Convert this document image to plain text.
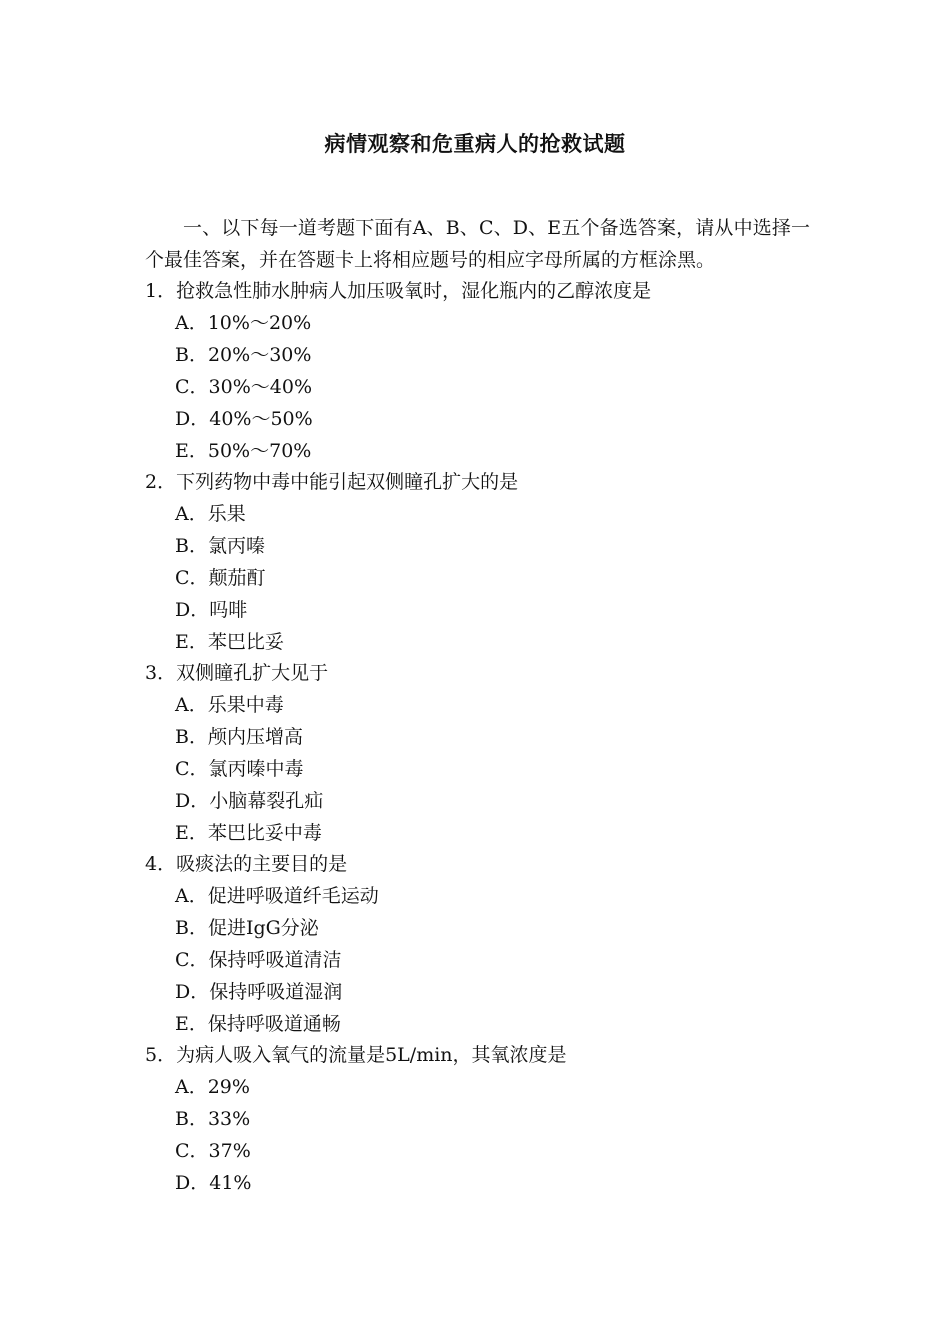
病情观察和危重病人的抢救试题

一、以下每一道考题下面有A、B、C、D、E五个备选答案，请从中选择一个最佳答案，并在答题卡上将相应题号的相应字母所属的方框涂黑。

1．抢救急性肺水肿病人加压吸氧时，湿化瓶内的乙醇浓度是
A．10%～20%
B．20%～30%
C．30%～40%
D．40%～50%
E．50%～70%
2．下列药物中毒中能引起双侧瞳孔扩大的是
A．乐果
B．氯丙嗪
C．颠茄酊
D．吗啡
E．苯巴比妥
3．双侧瞳孔扩大见于
A．乐果中毒
B．颅内压增高
C．氯丙嗪中毒
D．小脑幕裂孔疝
E．苯巴比妥中毒
4．吸痰法的主要目的是
A．促进呼吸道纤毛运动
B．促进IgG分泌
C．保持呼吸道清洁
D．保持呼吸道湿润
E．保持呼吸道通畅
5．为病人吸入氧气的流量是5L/min，其氧浓度是
A．29%
B．33%
C．37%
D．41%
